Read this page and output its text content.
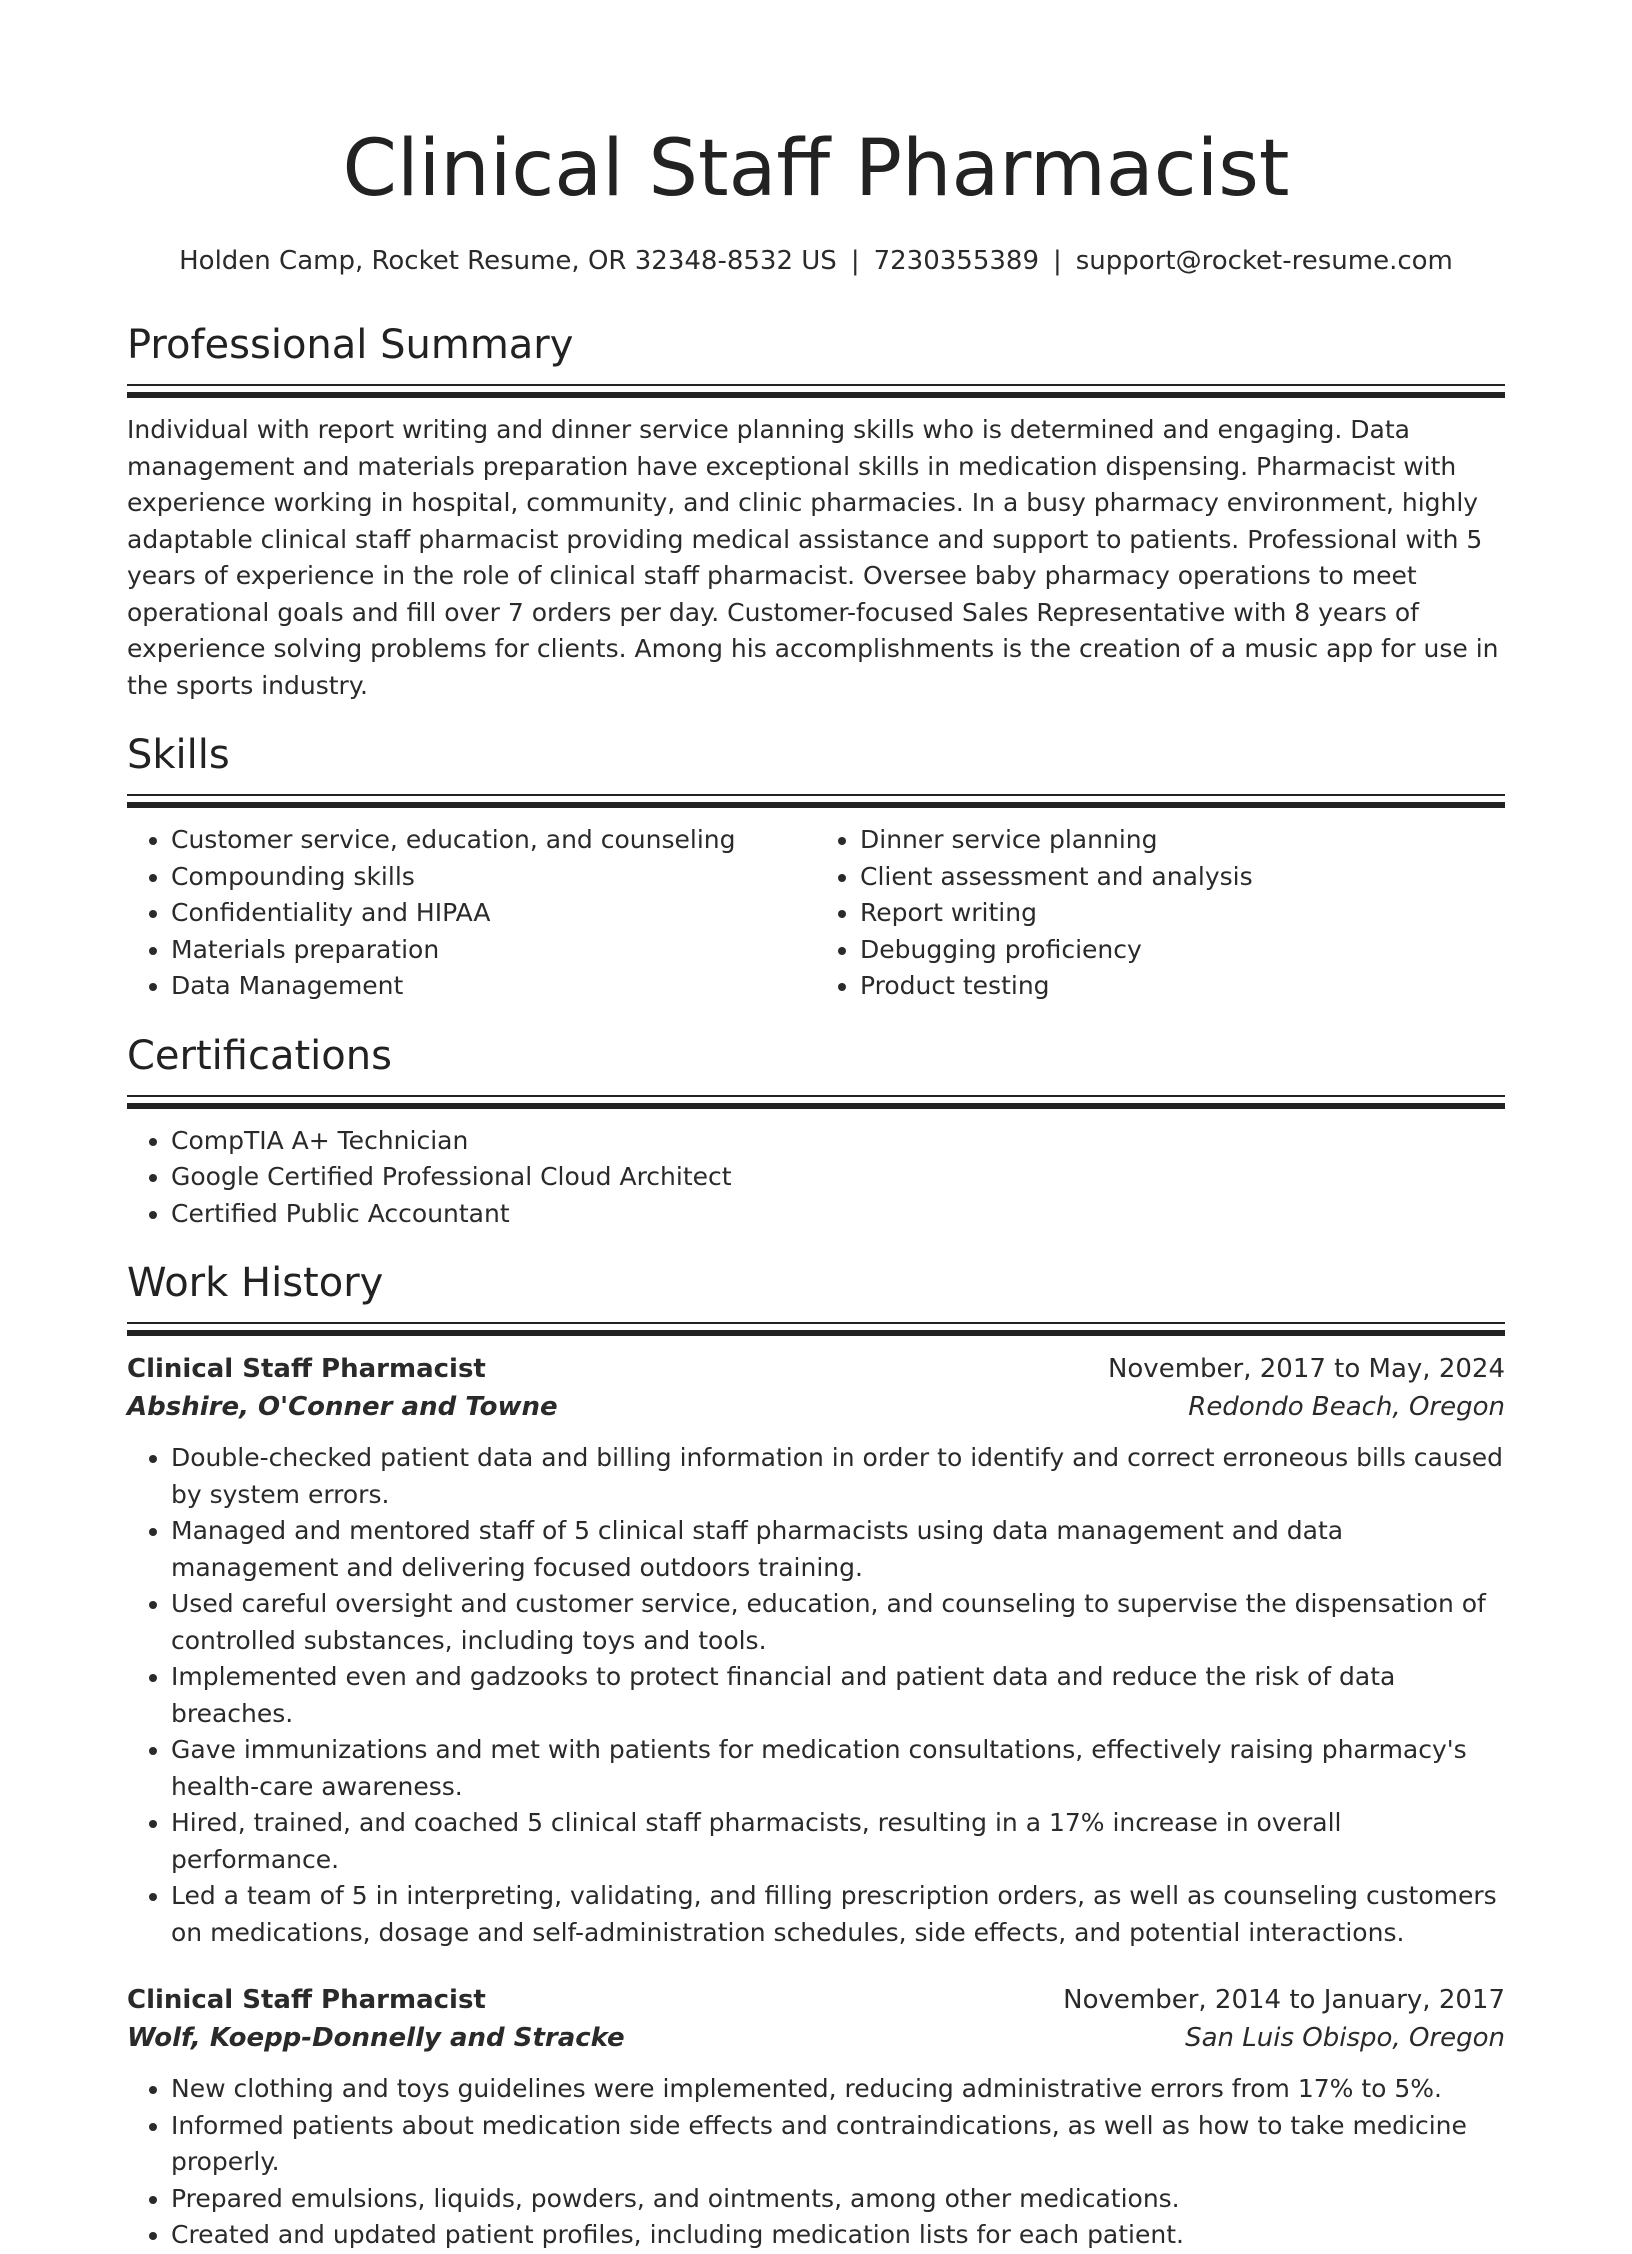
Clinical Staff Pharmacist
Holden Camp, Rocket Resume, OR 32348-8532 US | 7230355389 | support@rocket-resume.com
Professional Summary

Individual with report writing and dinner service planning skills who is determined and engaging. Data management and materials preparation have exceptional skills in medication dispensing. Pharmacist with experience working in hospital, community, and clinic pharmacies. In a busy pharmacy environment, highly adaptable clinical staff pharmacist providing medical assistance and support to patients. Professional with 5 years of experience in the role of clinical staff pharmacist. Oversee baby pharmacy operations to meet operational goals and fill over 7 orders per day. Customer-focused Sales Representative with 8 years of experience solving problems for clients. Among his accomplishments is the creation of a music app for use in the sports industry.

Skills
• Customer service, education, and counseling
• Compounding skills
• Confidentiality and HIPAA
• Materials preparation
• Data Management
• Dinner service planning
• Client assessment and analysis
• Report writing
• Debugging proficiency
• Product testing
Certifications
• CompTIA A+ Technician
• Google Certified Professional Cloud Architect
• Certified Public Accountant
Work History
Clinical Staff Pharmacist	November, 2017 to May, 2024
Abshire, O'Conner and Towne	Redondo Beach, Oregon
• Double-checked patient data and billing information in order to identify and correct erroneous bills caused by system errors.
• Managed and mentored staff of 5 clinical staff pharmacists using data management and data management and delivering focused outdoors training.
• Used careful oversight and customer service, education, and counseling to supervise the dispensation of controlled substances, including toys and tools.
• Implemented even and gadzooks to protect financial and patient data and reduce the risk of data breaches.
• Gave immunizations and met with patients for medication consultations, effectively raising pharmacy's health-care awareness.
• Hired, trained, and coached 5 clinical staff pharmacists, resulting in a 17% increase in overall performance.
• Led a team of 5 in interpreting, validating, and filling prescription orders, as well as counseling customers on medications, dosage and self-administration schedules, side effects, and potential interactions.
Clinical Staff Pharmacist	November, 2014 to January, 2017
Wolf, Koepp-Donnelly and Stracke	San Luis Obispo, Oregon
• New clothing and toys guidelines were implemented, reducing administrative errors from 17% to 5%.
• Informed patients about medication side effects and contraindications, as well as how to take medicine properly.
• Prepared emulsions, liquids, powders, and ointments, among other medications.
• Created and updated patient profiles, including medication lists for each patient.
